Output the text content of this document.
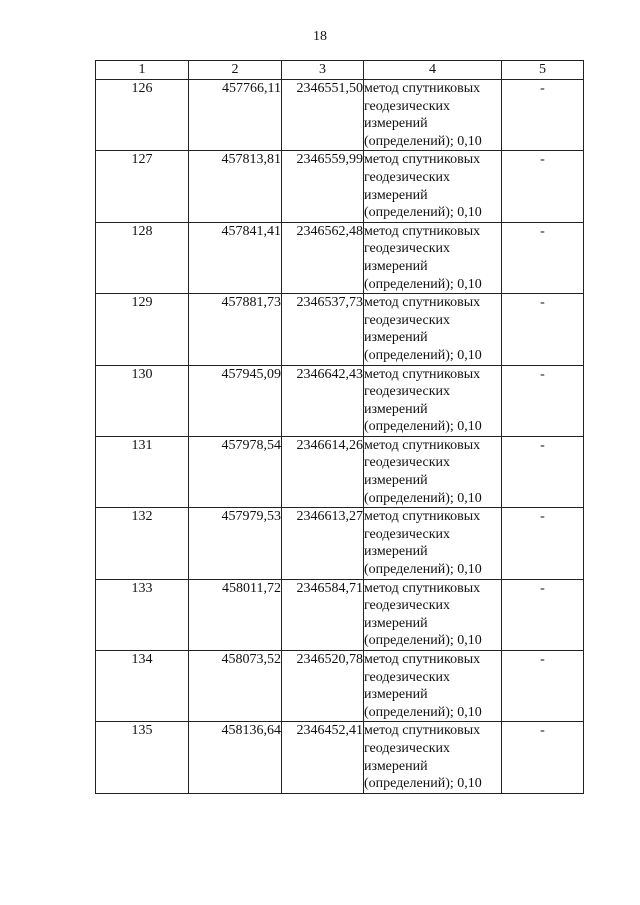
18
1	2	3	4	5
126	457766,11	2346551,50	метод спутниковых
геодезических
измерений
(определений); 0,10	-
127	457813,81	2346559,99	метод спутниковых
геодезических
измерений
(определений); 0,10	-
128	457841,41	2346562,48	метод спутниковых
геодезических
измерений
(определений); 0,10	-
129	457881,73	2346537,73	метод спутниковых
геодезических
измерений
(определений); 0,10	-
130	457945,09	2346642,43	метод спутниковых
геодезических
измерений
(определений); 0,10	-
131	457978,54	2346614,26	метод спутниковых
геодезических
измерений
(определений); 0,10	-
132	457979,53	2346613,27	метод спутниковых
геодезических
измерений
(определений); 0,10	-
133	458011,72	2346584,71	метод спутниковых
геодезических
измерений
(определений); 0,10	-
134	458073,52	2346520,78	метод спутниковых
геодезических
измерений
(определений); 0,10	-
135	458136,64	2346452,41	метод спутниковых
геодезических
измерений
(определений); 0,10	-
